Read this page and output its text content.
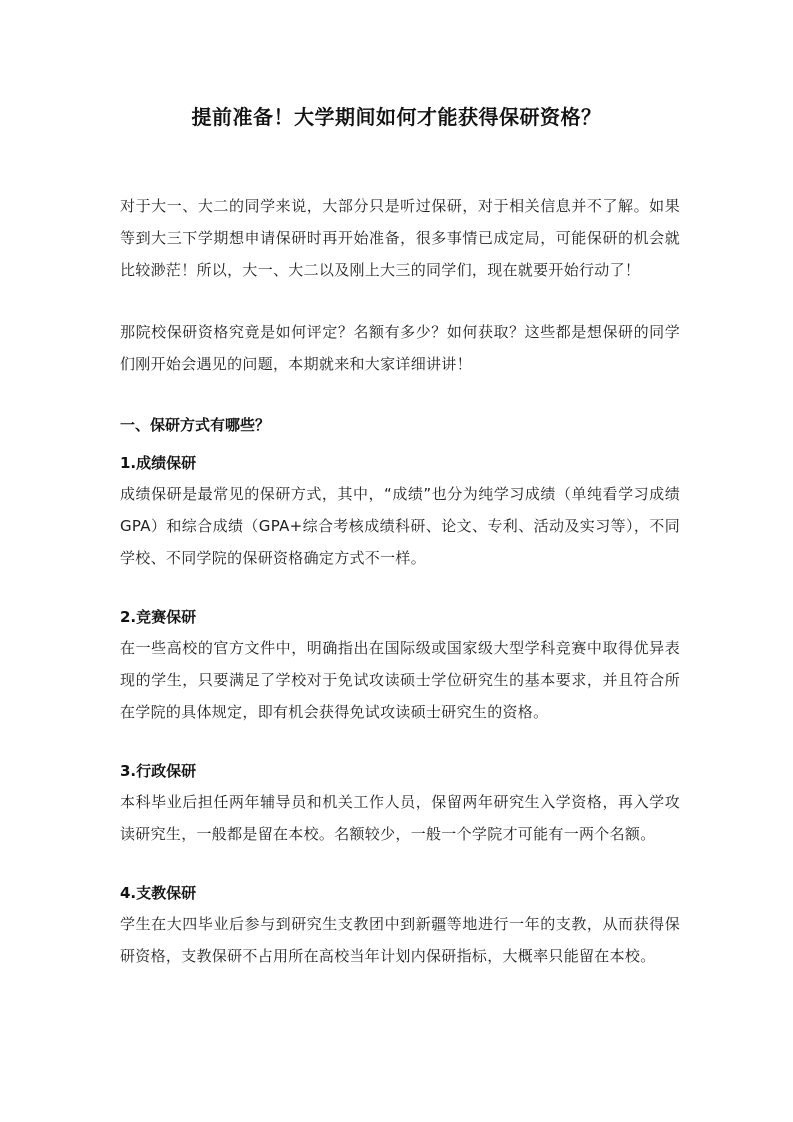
提前准备！大学期间如何才能获得保研资格？

对于大一、大二的同学来说，大部分只是听过保研，对于相关信息并不了解。如果等到大三下学期想申请保研时再开始准备，很多事情已成定局，可能保研的机会就比较渺茫！所以，大一、大二以及刚上大三的同学们，现在就要开始行动了！

那院校保研资格究竟是如何评定？名额有多少？如何获取？这些都是想保研的同学们刚开始会遇见的问题，本期就来和大家详细讲讲！

一、保研方式有哪些？

1.成绩保研

成绩保研是最常见的保研方式，其中，“成绩”也分为纯学习成绩（单纯看学习成绩GPA）和综合成绩（GPA+综合考核成绩科研、论文、专利、活动及实习等），不同学校、不同学院的保研资格确定方式不一样。

2.竞赛保研

在一些高校的官方文件中，明确指出在国际级或国家级大型学科竞赛中取得优异表现的学生，只要满足了学校对于免试攻读硕士学位研究生的基本要求，并且符合所在学院的具体规定，即有机会获得免试攻读硕士研究生的资格。

3.行政保研

本科毕业后担任两年辅导员和机关工作人员，保留两年研究生入学资格，再入学攻读研究生，一般都是留在本校。名额较少，一般一个学院才可能有一两个名额。

4.支教保研

学生在大四毕业后参与到研究生支教团中到新疆等地进行一年的支教，从而获得保研资格，支教保研不占用所在高校当年计划内保研指标，大概率只能留在本校。
